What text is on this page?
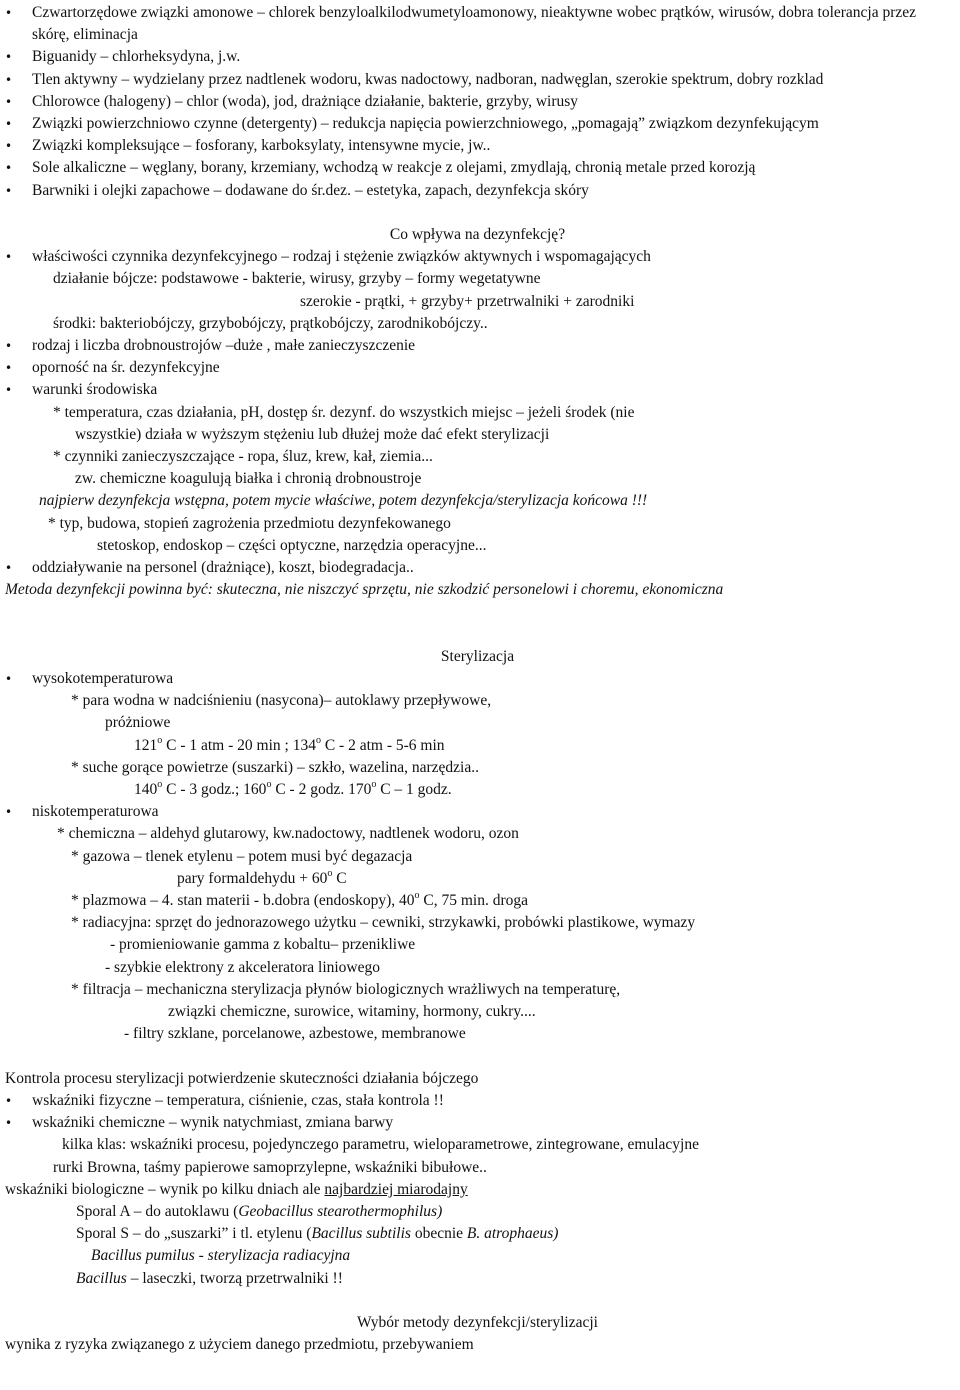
• Czwartorzędowe związki amonowe – chlorek benzyloalkilodwumetyloamonowy, nieaktywne wobec prątków, wirusów, dobra tolerancja przez skórę, eliminacja
• Biguanidy – chlorheksydyna, j.w.
• Tlen aktywny – wydzielany przez nadtlenek wodoru, kwas nadoctowy, nadboran, nadwęglan, szerokie spektrum, dobry rozklad
• Chlorowce (halogeny) – chlor (woda), jod, drażniące działanie, bakterie, grzyby, wirusy
• Związki powierzchniowo czynne (detergenty) – redukcja napięcia powierzchniowego, „pomagają” związkom dezynfekującym
• Związki kompleksujące – fosforany, karboksylaty, intensywne mycie, jw..
• Sole alkaliczne – węglany, borany, krzemiany, wchodzą w reakcje z olejami, zmydlają, chronią metale przed korozją
• Barwniki i olejki zapachowe – dodawane do śr.dez. – estetyka, zapach, dezynfekcja skóry
Co wpływa na dezynfekcję?
• właściwości czynnika dezynfekcyjnego – rodzaj i stężenie związków aktywnych i wspomagających
działanie bójcze: podstawowe - bakterie, wirusy, grzyby – formy wegetatywne
szerokie - prątki, + grzyby+ przetrwalniki + zarodniki
środki: bakteriobójczy, grzybobójczy, prątkobójczy, zarodnikobójczy..
• rodzaj i liczba drobnoustrojów –duże , małe zanieczyszczenie
• oporność na śr. dezynfekcyjne
• warunki środowiska
* temperatura, czas działania, pH, dostęp śr. dezynf. do wszystkich miejsc – jeżeli środek (nie
wszystkie) działa w wyższym stężeniu lub dłużej może dać efekt sterylizacji
* czynniki zanieczyszczające - ropa, śluz, krew, kał, ziemia...
zw. chemiczne koagulują białka i chronią drobnoustroje
najpierw dezynfekcja wstępna, potem mycie właściwe, potem dezynfekcja/sterylizacja końcowa !!!
* typ, budowa, stopień zagrożenia przedmiotu dezynfekowanego
stetoskop, endoskop – części optyczne, narzędzia operacyjne...
• oddziaływanie na personel (drażniące), koszt, biodegradacja..
Metoda dezynfekcji powinna być: skuteczna, nie niszczyć sprzętu, nie szkodzić personelowi i choremu, ekonomiczna
Sterylizacja
• wysokotemperaturowa
* para wodna w nadciśnieniu (nasycona)– autoklawy przepływowe,
próżniowe
121$^o$ C - 1 atm - 20 min ; 134$^o$ C - 2 atm - 5-6 min
* suche gorące powietrze (suszarki) – szkło, wazelina, narzędzia..
140$^o$ C - 3 godz.; 160$^o$ C - 2 godz. 170$^o$ C – 1 godz.
• niskotemperaturowa
* chemiczna – aldehyd glutarowy, kw.nadoctowy, nadtlenek wodoru, ozon
* gazowa – tlenek etylenu – potem musi być degazacja
pary formaldehydu + $60^o$ C
* plazmowa – 4. stan materii - b.dobra (endoskopy), 40$^o$ C, 75 min. droga
* radiacyjna: sprzęt do jednorazowego użytku – cewniki, strzykawki, probówki plastikowe, wymazy
- promieniowanie gamma z kobaltu– przenikliwe
- szybkie elektrony z akceleratora liniowego
* filtracja – mechaniczna sterylizacja płynów biologicznych wrażliwych na temperaturę,
związki chemiczne, surowice, witaminy, hormony, cukry....
- filtry szklane, porcelanowe, azbestowe, membranowe
Kontrola procesu sterylizacji potwierdzenie skuteczności działania bójczego
• wskaźniki fizyczne – temperatura, ciśnienie, czas, stała kontrola !!
• wskaźniki chemiczne – wynik natychmiast, zmiana barwy
kilka klas: wskaźniki procesu, pojedynczego parametru, wieloparametrowe, zintegrowane, emulacyjne
rurki Browna, taśmy papierowe samoprzylepne, wskaźniki bibułowe..
wskaźniki biologiczne – wynik po kilku dniach ale najbardziej miarodajny
Sporal A – do autoklawu (Geobacillus stearothermophilus)
Sporal S – do „suszarki” i tl. etylenu (Bacillus subtilis obecnie B. atrophaeus)
Bacillus pumilus - sterylizacja radiacyjna
Bacillus – laseczki, tworzą przetrwalniki !!
Wybór metody dezynfekcji/sterylizacji
wynika z ryzyka związanego z użyciem danego przedmiotu, przebywaniem
